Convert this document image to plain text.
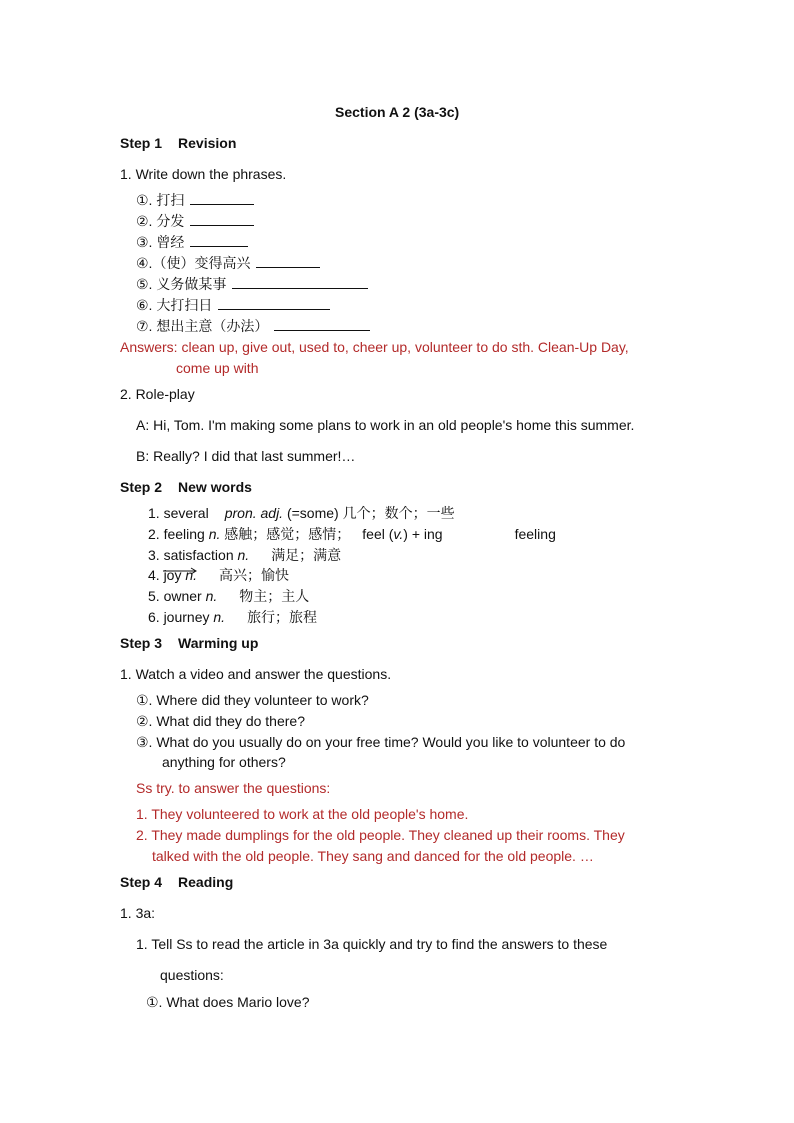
Section A 2 (3a-3c)
Step 1 Revision
1. Write down the phrases.
①. 打扫
②. 分发
③. 曾经
④.（使）变得高兴
⑤. 义务做某事
⑥. 大打扫日
⑦. 想出主意（办法）
Answers: clean up, give out, used to, cheer up, volunteer to do sth. Clean-Up Day,
come up with
2. Role-play
A: Hi, Tom. I'm making some plans to work in an old people's home this summer.
B: Really? I did that last summer!…
Step 2 New words
1. several pron. adj. (=some) 几个；数个；一些
2. feeling n. 感触；感觉；感情； feel (v.) + ing	feeling
3. satisfaction n. 满足；满意
4. joy n. 高兴；愉快
5. owner n. 物主；主人
6. journey n. 旅行；旅程
Step 3 Warming up
1. Watch a video and answer the questions.
①. Where did they volunteer to work?
②. What did they do there?
③. What do you usually do on your free time? Would you like to volunteer to do
anything for others?
Ss try. to answer the questions:
1. They volunteered to work at the old people's home.
2. They made dumplings for the old people. They cleaned up their rooms. They
talked with the old people. They sang and danced for the old people. …
Step 4 Reading
1. 3a:
1. Tell Ss to read the article in 3a quickly and try to find the answers to these
questions:
①. What does Mario love?
